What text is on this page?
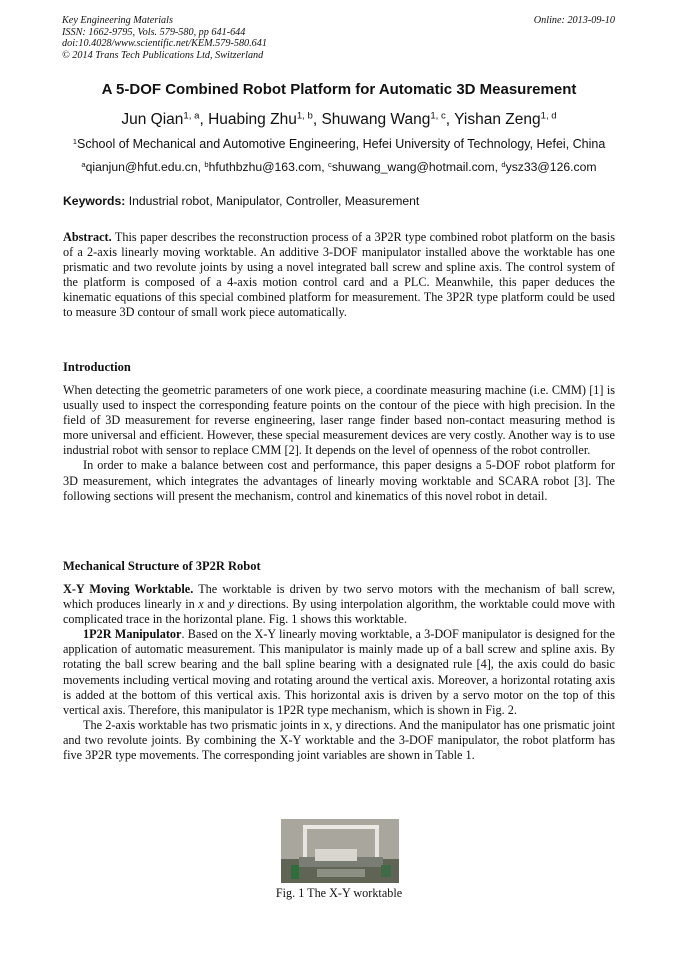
Key Engineering Materials
ISSN: 1662-9795, Vols. 579-580, pp 641-644
doi:10.4028/www.scientific.net/KEM.579-580.641
© 2014 Trans Tech Publications Ltd, Switzerland
Online: 2013-09-10
A 5-DOF Combined Robot Platform for Automatic 3D Measurement
Jun Qian$^{1, a}$, Huabing Zhu$^{1, b}$, Shuwang Wang$^{1, c}$, Yishan Zeng$^{1, d}$
$^1$School of Mechanical and Automotive Engineering, Hefei University of Technology, Hefei, China
$^a$qianjun@hfut.edu.cn, $^b$hfuthbzhu@163.com, $^c$shuwang_wang@hotmail.com, $^d$ysz33@126.com
Keywords: Industrial robot, Manipulator, Controller, Measurement

Abstract. This paper describes the reconstruction process of a 3P2R type combined robot platform on the basis of a 2-axis linearly moving worktable. An additive 3-DOF manipulator installed above the worktable has one prismatic and two revolute joints by using a novel integrated ball screw and spline axis. The control system of the platform is composed of a 4-axis motion control card and a PLC. Meanwhile, this paper deduces the kinematic equations of this special combined platform for measurement. The 3P2R type platform could be used to measure 3D contour of small work piece automatically.

Introduction

When detecting the geometric parameters of one work piece, a coordinate measuring machine (i.e. CMM) [1] is usually used to inspect the corresponding feature points on the contour of the piece with high precision. In the field of 3D measurement for reverse engineering, laser range finder based non-contact measuring method is more universal and efficient. However, these special measurement devices are very costly. Another way is to use industrial robot with sensor to replace CMM [2]. It depends on the level of openness of the robot controller.

In order to make a balance between cost and performance, this paper designs a 5-DOF robot platform for 3D measurement, which integrates the advantages of linearly moving worktable and SCARA robot [3]. The following sections will present the mechanism, control and kinematics of this novel robot in detail.

Mechanical Structure of 3P2R Robot

X-Y Moving Worktable. The worktable is driven by two servo motors with the mechanism of ball screw, which produces linearly in x and y directions. By using interpolation algorithm, the worktable could move with complicated trace in the horizontal plane. Fig. 1 shows this worktable.

1P2R Manipulator. Based on the X-Y linearly moving worktable, a 3-DOF manipulator is designed for the application of automatic measurement. This manipulator is mainly made up of a ball screw and spline axis. By rotating the ball screw bearing and the ball spline bearing with a designated rule [4], the axis could do basic movements including vertical moving and rotating around the vertical axis. Moreover, a horizontal rotating axis is added at the bottom of this vertical axis. This horizontal axis is driven by a servo motor on the top of this vertical axis. Therefore, this manipulator is 1P2R type mechanism, which is shown in Fig. 2.

The 2-axis worktable has two prismatic joints in x, y directions. And the manipulator has one prismatic joint and two revolute joints. By combining the X-Y worktable and the 3-DOF manipulator, the robot platform has five 3P2R type movements. The corresponding joint variables are shown in Table 1.

Fig. 1 The X-Y worktable
